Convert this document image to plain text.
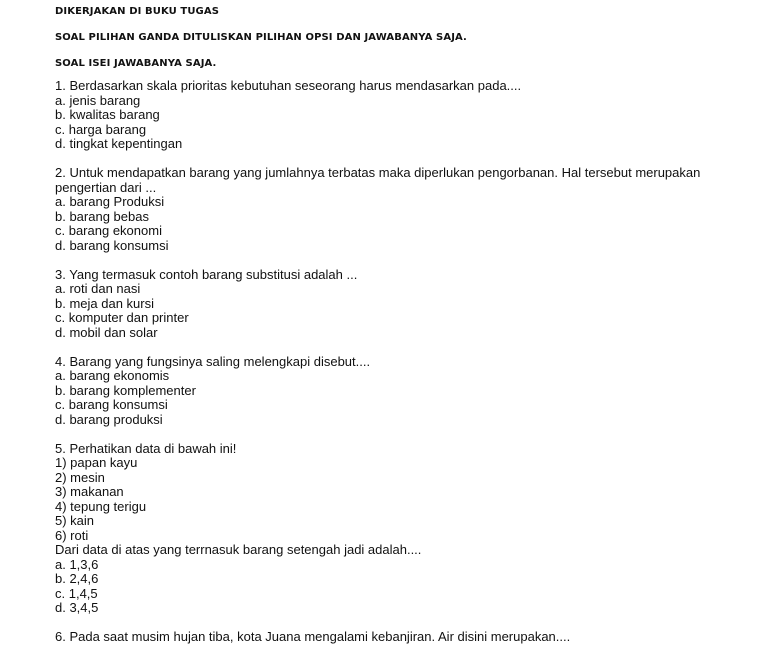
DIKERJAKAN DI BUKU TUGAS
SOAL PILIHAN GANDA DITULISKAN PILIHAN OPSI DAN JAWABANYA SAJA.
SOAL ISEI JAWABANYA SAJA.
1. Berdasarkan skala prioritas kebutuhan seseorang harus mendasarkan pada....
a. jenis barang
b. kwalitas barang
c. harga barang
d. tingkat kepentingan
2. Untuk mendapatkan barang yang jumlahnya terbatas maka diperlukan pengorbanan. Hal tersebut merupakan pengertian dari ...
a. barang Produksi
b. barang bebas
c. barang ekonomi
d. barang konsumsi
3. Yang termasuk contoh barang substitusi adalah ...
a. roti dan nasi
b. meja dan kursi
c. komputer dan printer
d. mobil dan solar
4. Barang yang fungsinya saling melengkapi disebut....
a. barang ekonomis
b. barang komplementer
c. barang konsumsi
d. barang produksi
5. Perhatikan data di bawah ini!
1) papan kayu
2) mesin
3) makanan
4) tepung terigu
5) kain
6) roti
Dari data di atas yang terrnasuk barang setengah jadi adalah....
a. 1,3,6
b. 2,4,6
c. 1,4,5
d. 3,4,5
6. Pada saat musim hujan tiba, kota Juana mengalami kebanjiran. Air disini merupakan....
